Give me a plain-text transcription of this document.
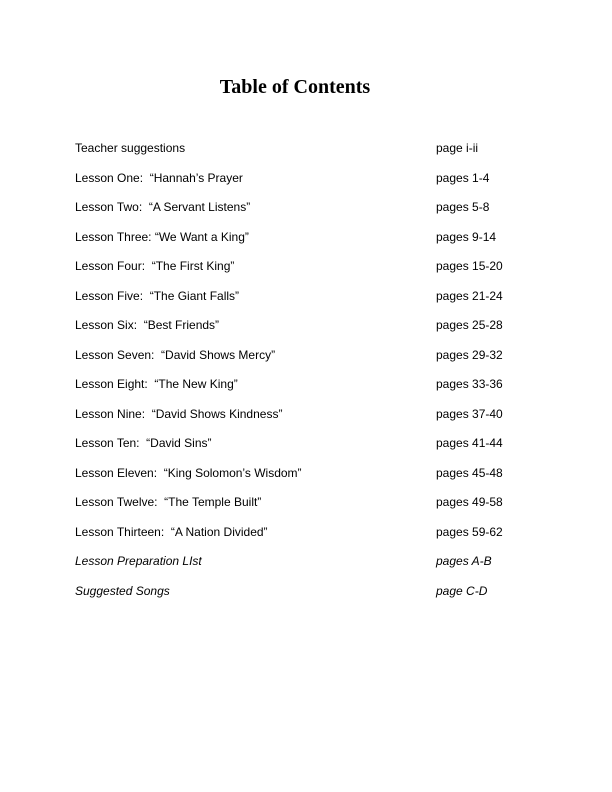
Table of Contents
Teacher suggestions	page i-ii
Lesson One:  “Hannah’s Prayer	pages 1-4
Lesson Two:  “A Servant Listens”	pages 5-8
Lesson Three: “We Want a King”	pages 9-14
Lesson Four:  “The First King”	pages 15-20
Lesson Five:  “The Giant Falls”	pages 21-24
Lesson Six:  “Best Friends”	pages 25-28
Lesson Seven:  “David Shows Mercy”	pages 29-32
Lesson Eight:  “The New King”	pages 33-36
Lesson Nine:  “David Shows Kindness”	pages 37-40
Lesson Ten:  “David Sins”	pages 41-44
Lesson Eleven:  “King Solomon’s Wisdom”	pages 45-48
Lesson Twelve:  “The Temple Built”	pages 49-58
Lesson Thirteen:  “A Nation Divided”	pages 59-62
Lesson Preparation LIst	pages A-B
Suggested Songs	page C-D
